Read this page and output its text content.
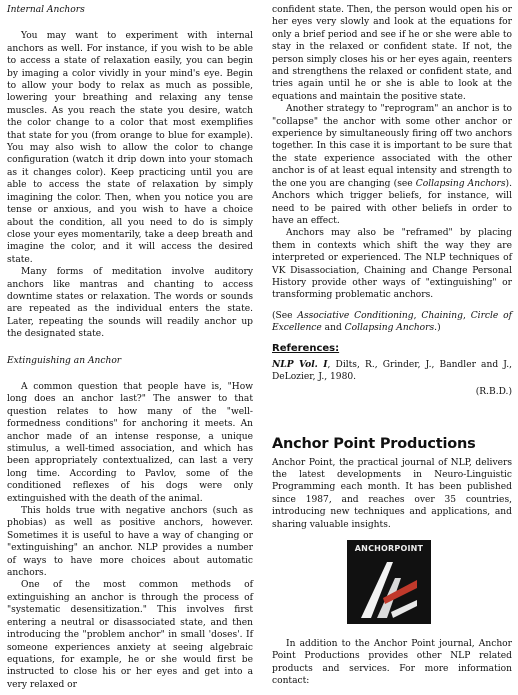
Internal Anchors

You may want to experiment with internal anchors as well. For instance, if you wish to be able to access a state of relaxation easily, you can begin by imaging a color vividly in your mind's eye. Begin to allow your body to relax as much as possible, lowering your breathing and relaxing any tense muscles. As you reach the state you desire, watch the color change to a color that most exemplifies that state for you (from orange to blue for example). You may also wish to allow the color to change configuration (watch it drip down into your stomach as it changes color). Keep practicing until you are able to access the state of relaxation by simply imagining the color. Then, when you notice you are tense or anxious, and you wish to have a choice about the condition, all you need to do is simply close your eyes momentarily, take a deep breath and imagine the color, and it will access the desired state.

Many forms of meditation involve auditory anchors like mantras and chanting to access downtime states or relaxation. The words or sounds are repeated as the individual enters the state. Later, repeating the sounds will readily anchor up the designated state.

Extinguishing an Anchor

A common question that people have is, "How long does an anchor last?" The answer to that question relates to how many of the "well-formedness conditions" for anchoring it meets. An anchor made of an intense response, a unique stimulus, a well-timed association, and which has been appropriately contextualized, can last a very long time. According to Pavlov, some of the conditioned reflexes of his dogs were only extinguished with the death of the animal.

This holds true with negative anchors (such as phobias) as well as positive anchors, however. Sometimes it is useful to have a way of changing or "extinguishing" an anchor. NLP provides a number of ways to have more choices about automatic anchors.

One of the most common methods of extinguishing an anchor is through the process of "systematic desensitization." This involves first entering a neutral or disassociated state, and then introducing the "problem anchor" in small 'doses'. If someone experiences anxiety at seeing algebraic equations, for example, he or she would first be instructed to close his or her eyes and get into a very relaxed or

confident state. Then, the person would open his or her eyes very slowly and look at the equations for only a brief period and see if he or she were able to stay in the relaxed or confident state. If not, the person simply closes his or her eyes again, reenters and strengthens the relaxed or confident state, and tries again until he or she is able to look at the equations and maintain the positive state.

Another strategy to "reprogram" an anchor is to "collapse" the anchor with some other anchor or experience by simultaneously firing off two anchors together. In this case it is important to be sure that the state experience associated with the other anchor is of at least equal intensity and strength to the one you are changing (see Collapsing Anchors). Anchors which trigger beliefs, for instance, will need to be paired with other beliefs in order to have an effect.

Anchors may also be "reframed" by placing them in contexts which shift the way they are interpreted or experienced. The NLP techniques of VK Disassociation, Chaining and Change Personal History provide other ways of "extinguishing" or transforming problematic anchors.

(See Associative Conditioning, Chaining, Circle of Excellence and Collapsing Anchors.)

References:

NLP Vol. I, Dilts, R., Grinder, J., Bandler and J., DeLozier, J., 1980.

(R.B.D.)
Anchor Point Productions

Anchor Point, the practical journal of NLP, delivers the latest developments in Neuro-Linguistic Programming each month. It has been published since 1987, and reaches over 35 countries, introducing new techniques and applications, and sharing valuable insights.

ANCHORPOINT

In addition to the Anchor Point journal, Anchor Point Productions provides other NLP related products and services. For more information contact:
